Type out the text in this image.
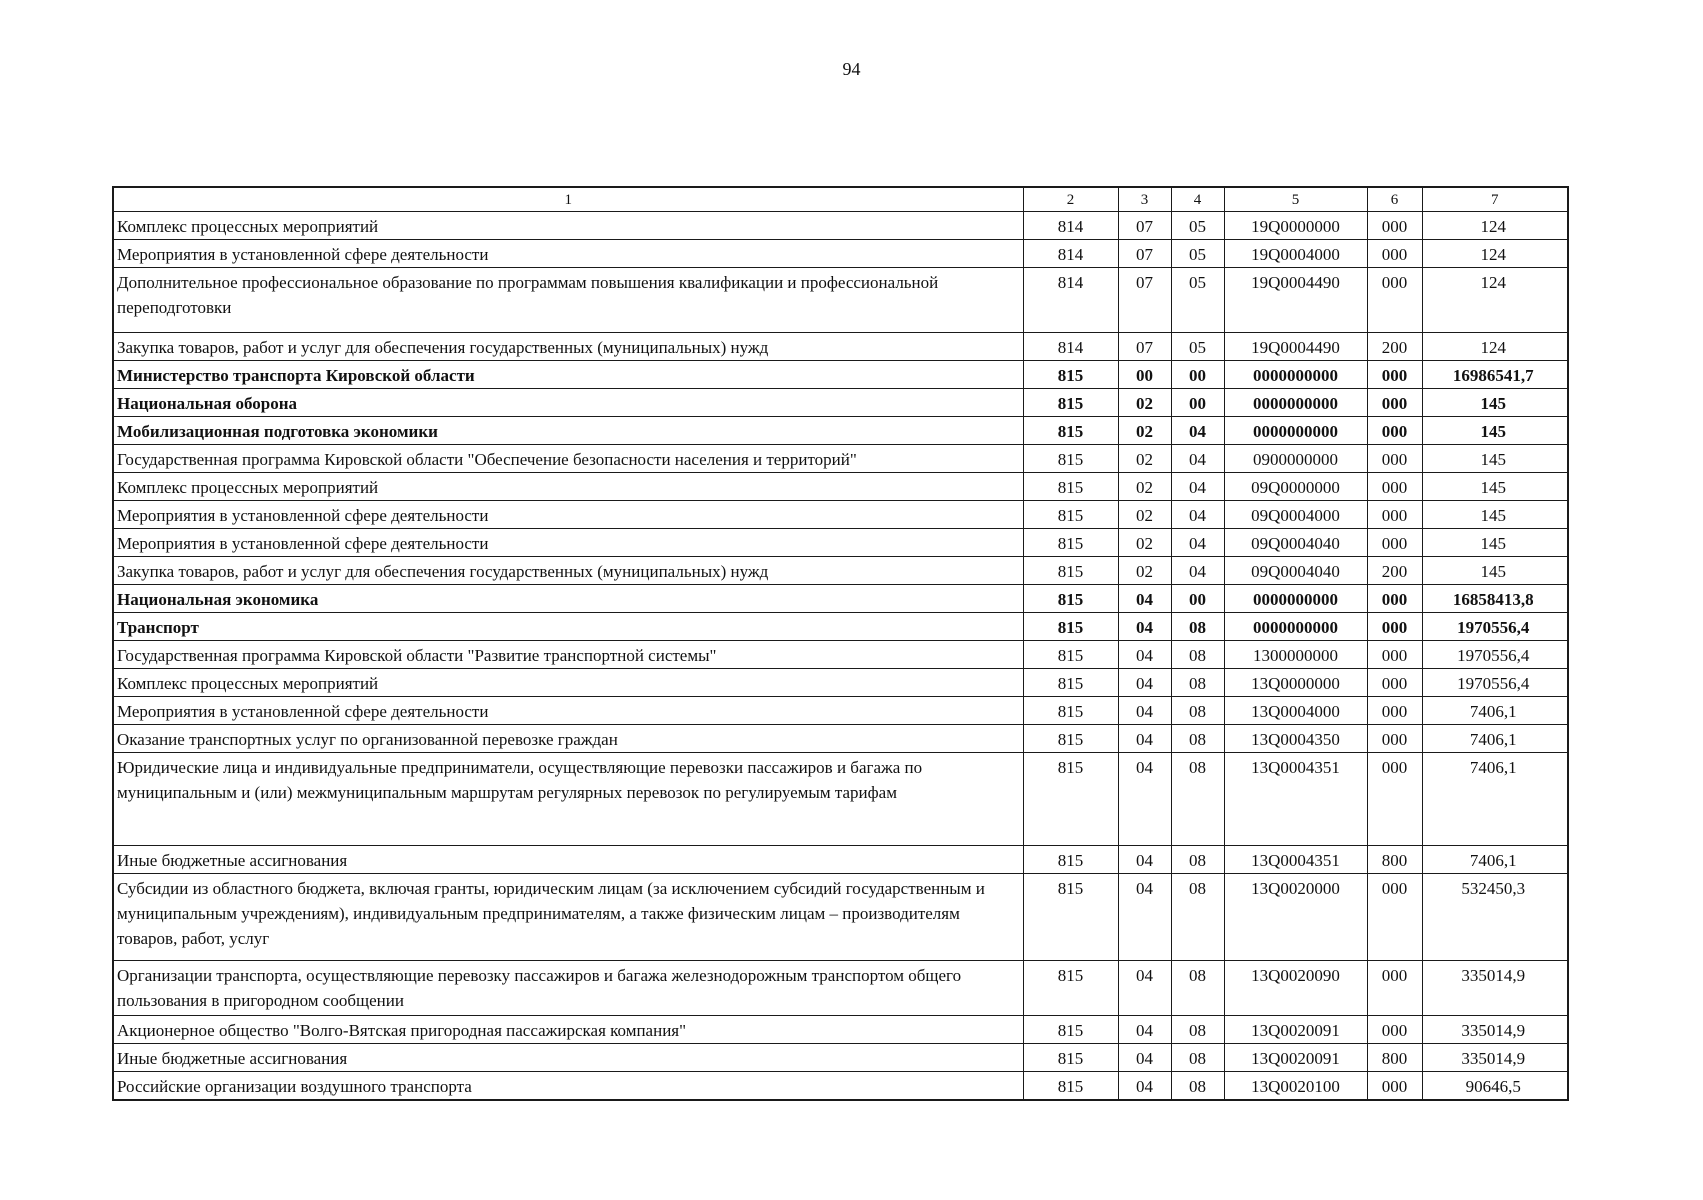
94
1	2	3	4	5	6	7
Комплекс процессных мероприятий	814	07	05	19Q0000000	000	124
Мероприятия в установленной сфере деятельности	814	07	05	19Q0004000	000	124
Дополнительное профессиональное образование по программам повышения квалификации и профессиональной переподготовки	814	07	05	19Q0004490	000	124
Закупка товаров, работ и услуг для обеспечения государственных (муниципальных) нужд	814	07	05	19Q0004490	200	124
Министерство транспорта Кировской области	815	00	00	0000000000	000	16986541,7
Национальная оборона	815	02	00	0000000000	000	145
Мобилизационная подготовка экономики	815	02	04	0000000000	000	145
Государственная программа Кировской области "Обеспечение безопасности населения и территорий"	815	02	04	0900000000	000	145
Комплекс процессных мероприятий	815	02	04	09Q0000000	000	145
Мероприятия в установленной сфере деятельности	815	02	04	09Q0004000	000	145
Мероприятия в установленной сфере деятельности	815	02	04	09Q0004040	000	145
Закупка товаров, работ и услуг для обеспечения государственных (муниципальных) нужд	815	02	04	09Q0004040	200	145
Национальная экономика	815	04	00	0000000000	000	16858413,8
Транспорт	815	04	08	0000000000	000	1970556,4
Государственная программа Кировской области "Развитие транспортной системы"	815	04	08	1300000000	000	1970556,4
Комплекс процессных мероприятий	815	04	08	13Q0000000	000	1970556,4
Мероприятия в установленной сфере деятельности	815	04	08	13Q0004000	000	7406,1
Оказание транспортных услуг по организованной перевозке граждан	815	04	08	13Q0004350	000	7406,1
Юридические лица и индивидуальные предприниматели, осуществляющие перевозки пассажиров и багажа по муниципальным и (или) межмуниципальным маршрутам регулярных перевозок по регулируемым тарифам	815	04	08	13Q0004351	000	7406,1
Иные бюджетные ассигнования	815	04	08	13Q0004351	800	7406,1
Субсидии из областного бюджета, включая гранты, юридическим лицам (за исключением субсидий государственным и муниципальным учреждениям), индивидуальным предпринимателям, а также физическим лицам – производителям товаров, работ, услуг	815	04	08	13Q0020000	000	532450,3
Организации транспорта, осуществляющие перевозку пассажиров и багажа железнодорожным транспортом общего пользования в пригородном сообщении	815	04	08	13Q0020090	000	335014,9
Акционерное общество "Волго-Вятская пригородная пассажирская компания"	815	04	08	13Q0020091	000	335014,9
Иные бюджетные ассигнования	815	04	08	13Q0020091	800	335014,9
Российские организации воздушного транспорта	815	04	08	13Q0020100	000	90646,5
